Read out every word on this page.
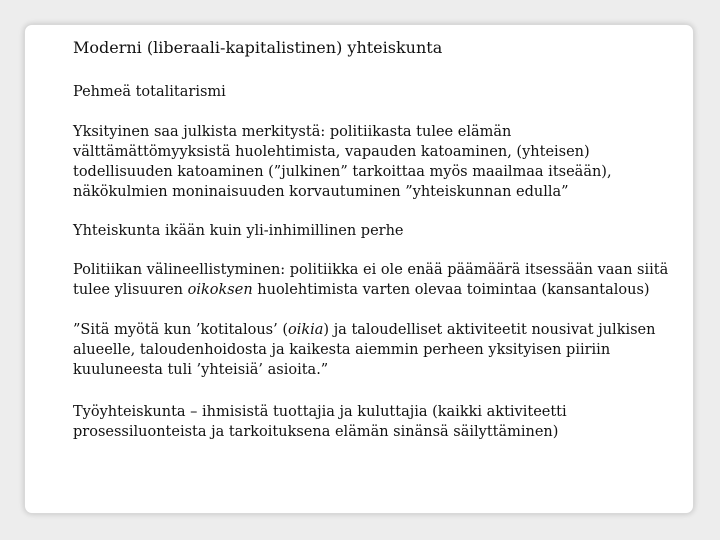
Moderni (liberaali-kapitalistinen) yhteiskunta

Pehmeä totalitarismi

Yksityinen saa julkista merkitystä: politiikasta tulee elämän välttämättömyyksistä huolehtimista, vapauden katoaminen, (yhteisen) todellisuuden katoaminen (”julkinen” tarkoittaa myös maailmaa itseään), näkökulmien moninaisuuden korvautuminen ”yhteiskunnan edulla”

Yhteiskunta ikään kuin yli-inhimillinen perhe

Politiikan välineellistyminen: politiikka ei ole enää päämäärä itsessään vaan siitä tulee ylisuuren oikoksen huolehtimista varten olevaa toimintaa (kansantalous)

”Sitä myötä kun ’kotitalous’ (oikia) ja taloudelliset aktiviteetit nousivat julkisen alueelle, taloudenhoidosta ja kaikesta aiemmin perheen yksityisen piiriin kuuluneesta tuli ’yhteisiä’ asioita.”

Työyhteiskunta – ihmisistä tuottajia ja kuluttajia (kaikki aktiviteetti prosessiluonteista ja tarkoituksena elämän sinänsä säilyttäminen)
